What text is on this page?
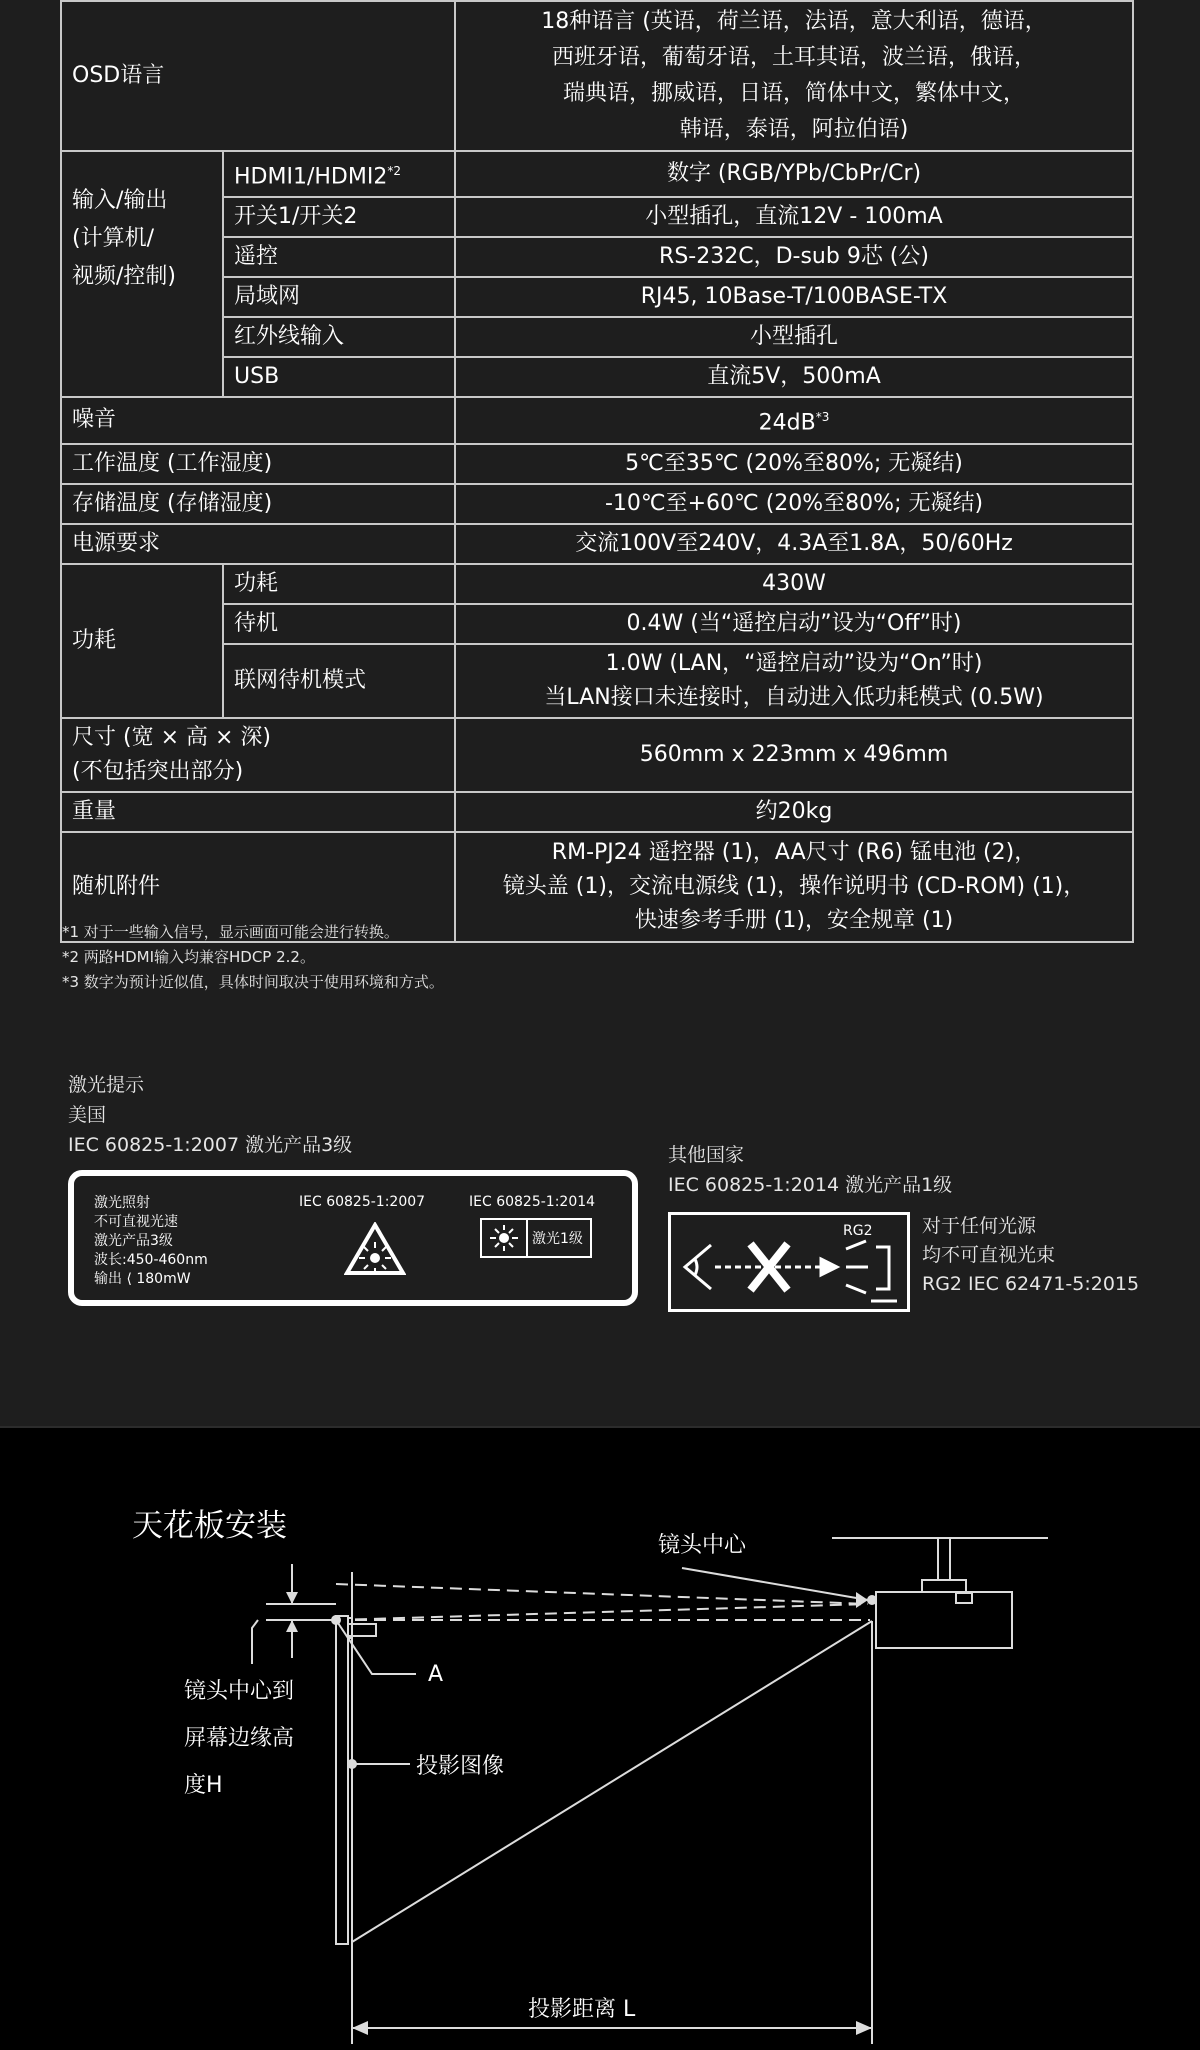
OSD语言		18种语言 (英语，荷兰语，法语，意大利语，德语，
西班牙语，葡萄牙语，土耳其语，波兰语，俄语，
瑞典语，挪威语，日语，简体中文，繁体中文，
韩语，泰语，阿拉伯语)

输入/输出
(计算机/
视频/控制)	HDMI1/HDMI2$^{*2}$	数字 (RGB/YPb/CbPr/Cr)
	开关1/开关2	小型插孔，直流12V - 100mA
	遥控	RS-232C，D-sub 9芯 (公)
	局域网	RJ45, 10Base-T/100BASE-TX
	红外线输入	小型插孔
	USB	直流5V，500mA
噪音		$24dB^{*3}$
工作温度 (工作湿度)		5℃至35℃ (20%至80%; 无凝结)
存储温度 (存储湿度)		-10℃至+60℃ (20%至80%; 无凝结)
电源要求		交流100V至240V，4.3A至1.8A，50/60Hz
功耗	功耗	430W
	待机	0.4W (当“遥控启动”设为“Off”时)
	联网待机模式	1.0W (LAN，“遥控启动”设为“On”时)
当LAN接口未连接时，自动进入低功耗模式 (0.5W)

尺寸 (宽 × 高 × 深)
(不包括突出部分)		560mm x 223mm x 496mm
重量		约20kg
随机附件		RM-PJ24 遥控器 (1)，AA尺寸 (R6) 锰电池 (2)，
镜头盖 (1)，交流电源线 (1)，操作说明书 (CD-ROM) (1)，
快速参考手册 (1)，安全规章 (1)
*1 对于一些输入信号，显示画面可能会进行转换。
*2 两路HDMI输入均兼容HDCP 2.2。
*3 数字为预计近似值，具体时间取决于使用环境和方式。
激光提示
美国
IEC 60825-1:2007 激光产品3级
激光照射
不可直视光速
激光产品3级
波长:450-460nm
输出 ⟨ 180mW
IEC 60825-1:2007	IEC 60825-1:2014
激光1级
其他国家
IEC 60825-1:2014 激光产品1级
RG2	对于任何光源
均不可直视光束
RG2 IEC 62471-5:2015
天花板安装
镜头中心
A
镜头中心到
屏幕边缘高
度H
投影图像
投影距离 L
